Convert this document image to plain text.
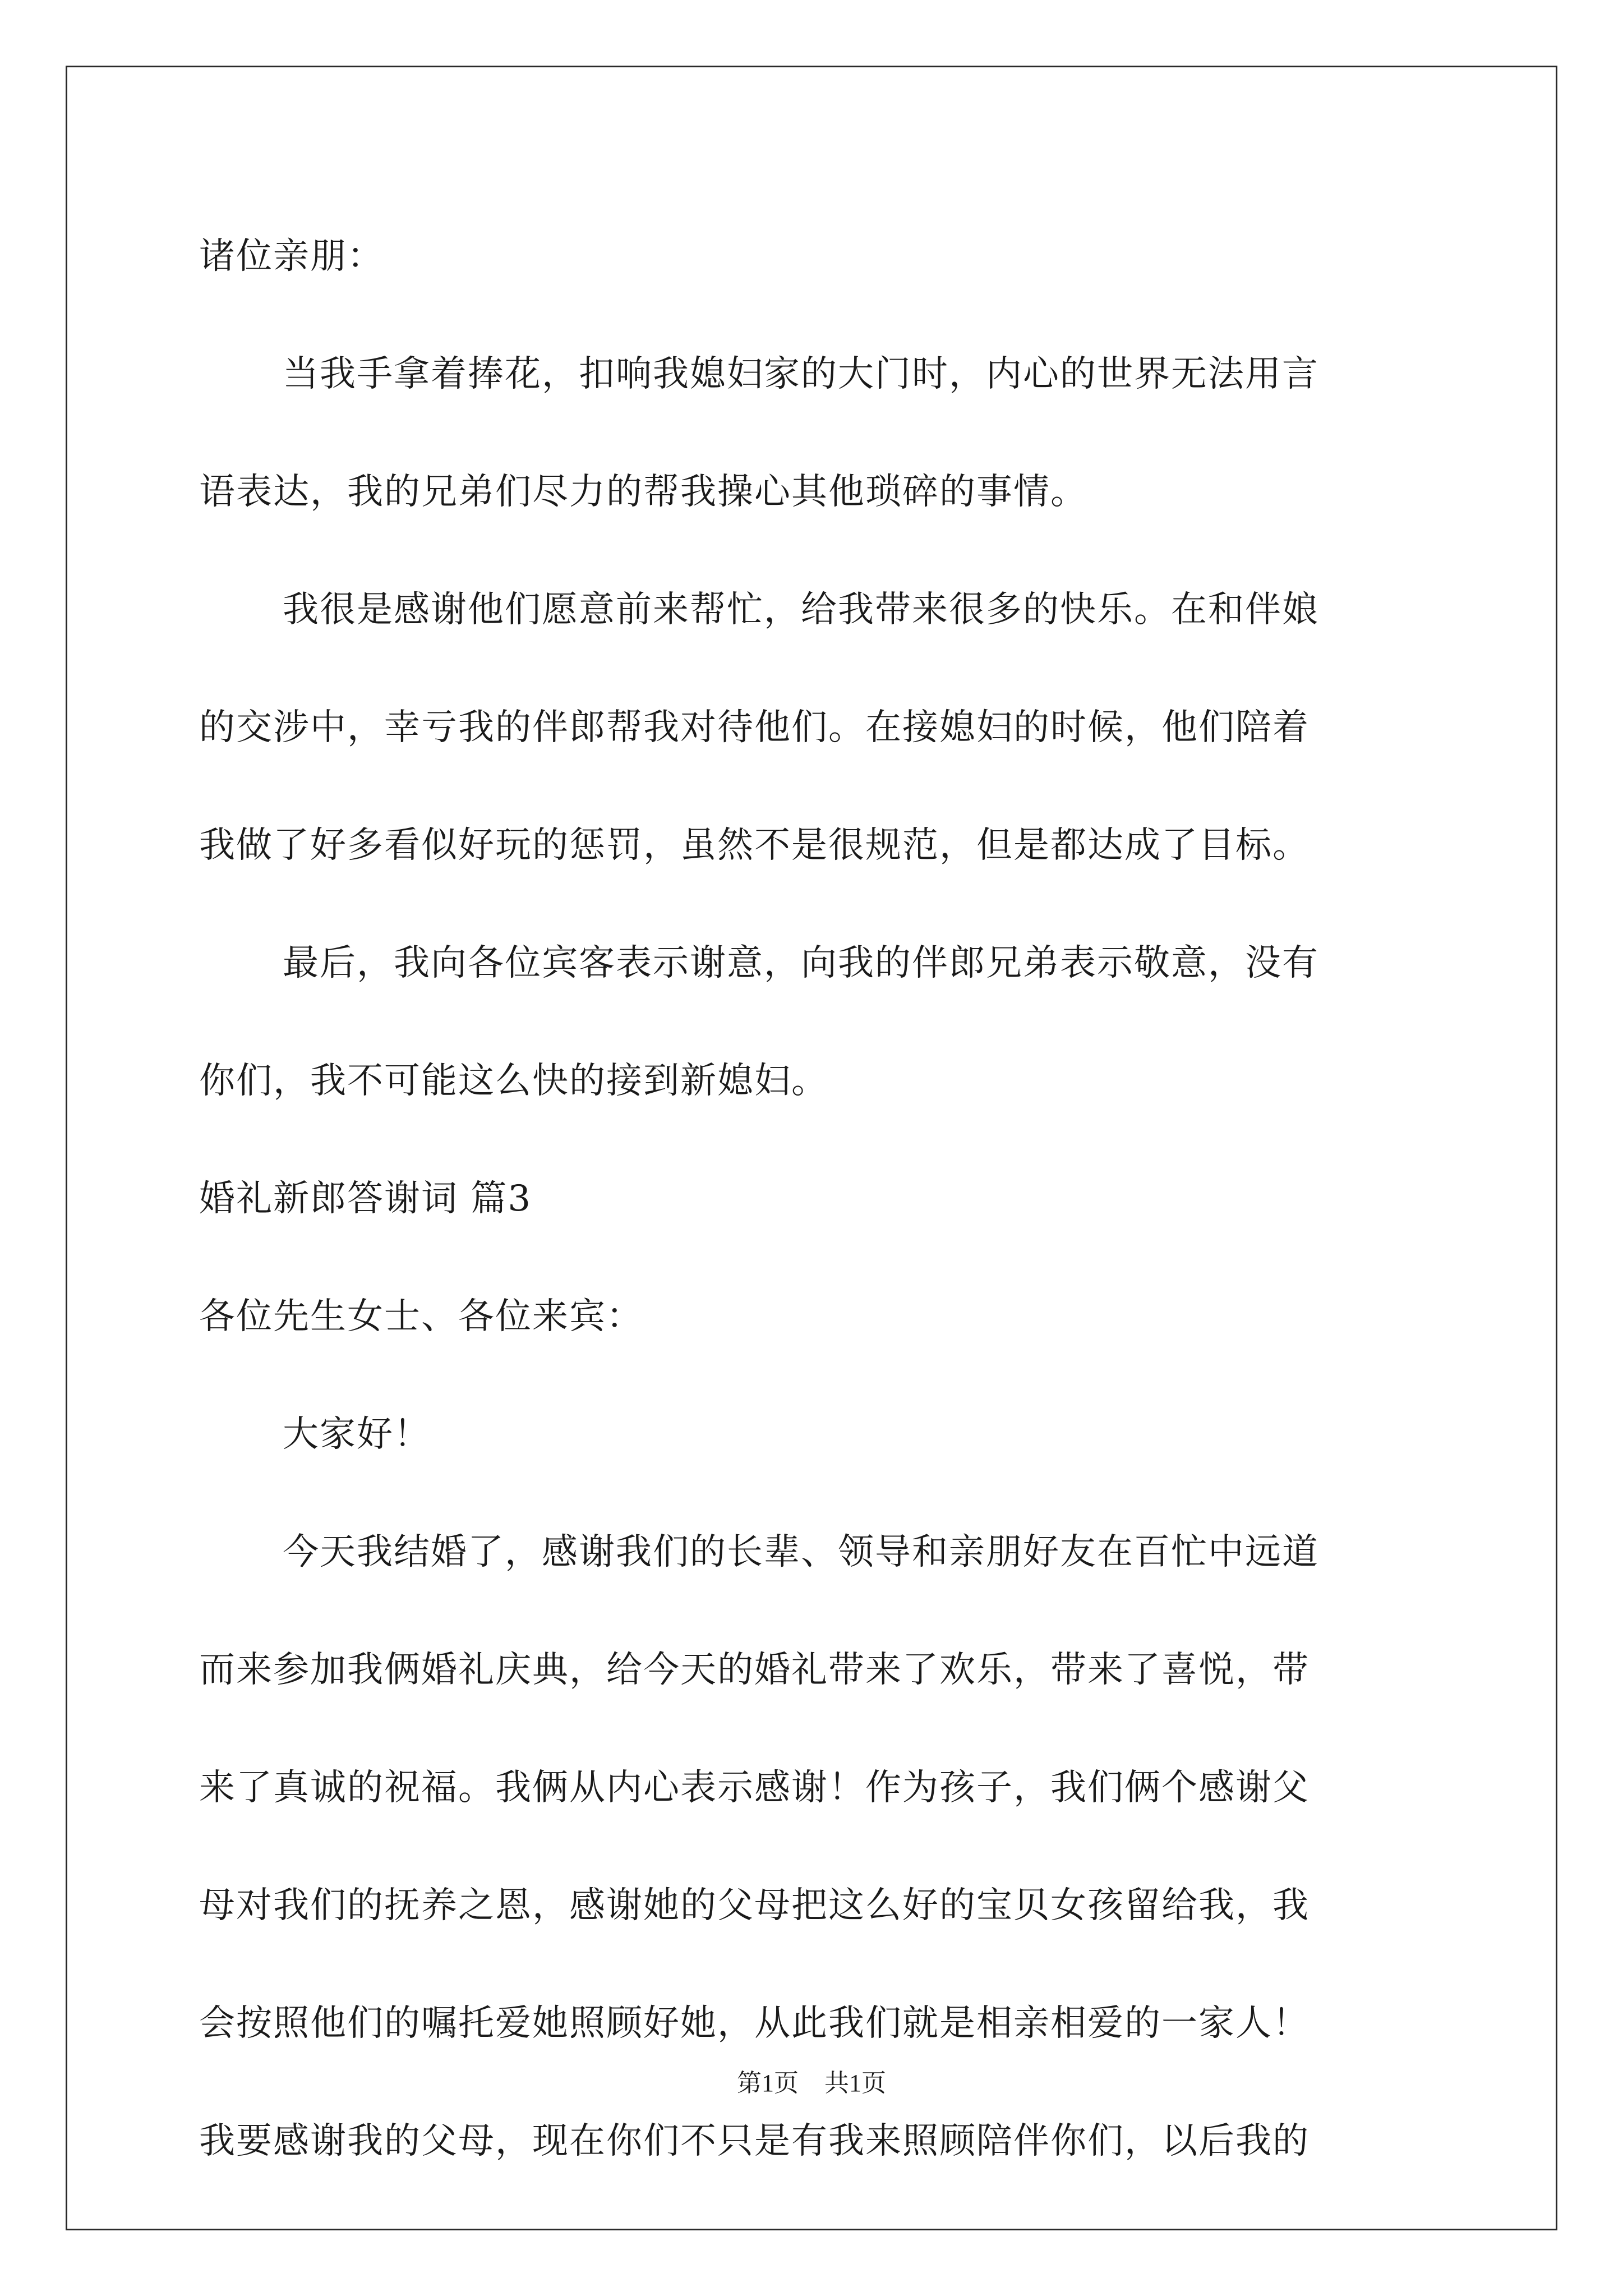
诸位亲朋：
当我手拿着捧花，扣响我媳妇家的大门时，内心的世界无法用言
语表达，我的兄弟们尽力的帮我操心其他琐碎的事情。
我很是感谢他们愿意前来帮忙，给我带来很多的快乐。在和伴娘
的交涉中，幸亏我的伴郎帮我对待他们。在接媳妇的时候，他们陪着
我做了好多看似好玩的惩罚，虽然不是很规范，但是都达成了目标。
最后，我向各位宾客表示谢意，向我的伴郎兄弟表示敬意，没有
你们，我不可能这么快的接到新媳妇。
婚礼新郎答谢词 篇3
各位先生女士、各位来宾：
大家好！
今天我结婚了，感谢我们的长辈、领导和亲朋好友在百忙中远道
而来参加我俩婚礼庆典，给今天的婚礼带来了欢乐，带来了喜悦，带
来了真诚的祝福。我俩从内心表示感谢！作为孩子，我们俩个感谢父
母对我们的抚养之恩，感谢她的父母把这么好的宝贝女孩留给我，我
会按照他们的嘱托爱她照顾好她，从此我们就是相亲相爱的一家人！
我要感谢我的父母，现在你们不只是有我来照顾陪伴你们，以后我的
第1页 共1页
